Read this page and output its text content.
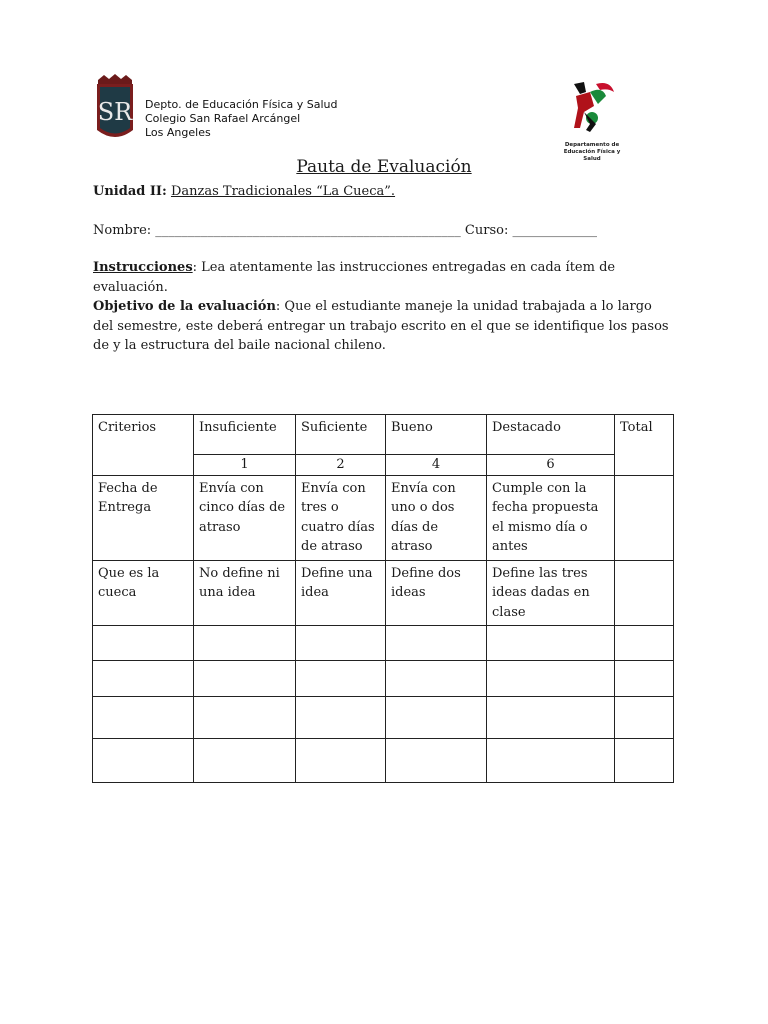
SR Depto. de Educación Física y Salud
Colegio San Rafael Arcángel
Los Angeles
Departamento de
Educación Física y Salud
Pauta de Evaluación
Unidad II: Danzas Tradicionales “La Cueca”.
Nombre: _______________________________________________ Curso: _____________
Instrucciones: Lea atentamente las instrucciones entregadas en cada ítem de
evaluación.
Objetivo de la evaluación: Que el estudiante maneje la unidad trabajada a lo largo
del semestre, este deberá entregar un trabajo escrito en el que se identifique los pasos
de y la estructura del baile nacional chileno.
Criterios	Insuficiente	Suficiente	Bueno	Destacado	Total
	1	2	4	6	
Fecha de Entrega	Envía con cinco días de atraso	Envía con tres o cuatro días de atraso	Envía con uno o dos días de atraso	Cumple con la fecha propuesta el mismo día o antes	
Que es la cueca	No define ni una idea	Define una idea	Define dos ideas	Define las tres ideas dadas en clase	
